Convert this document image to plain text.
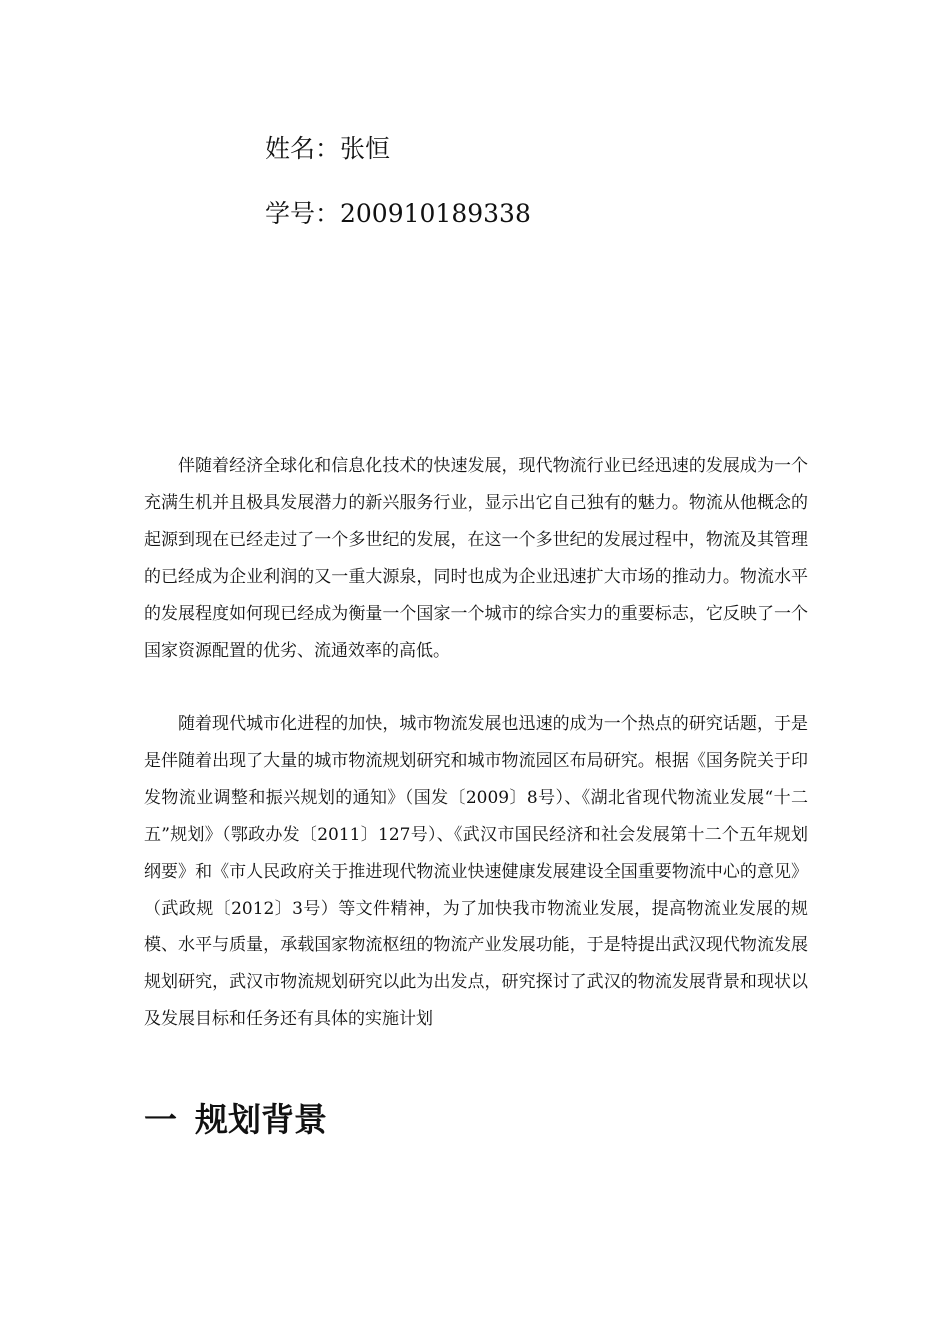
姓名：张恒
学号：200910189338

伴随着经济全球化和信息化技术的快速发展，现代物流行业已经迅速的发展成为一个充满生机并且极具发展潜力的新兴服务行业，显示出它自己独有的魅力。物流从他概念的起源到现在已经走过了一个多世纪的发展，在这一个多世纪的发展过程中，物流及其管理的已经成为企业利润的又一重大源泉，同时也成为企业迅速扩大市场的推动力。物流水平的发展程度如何现已经成为衡量一个国家一个城市的综合实力的重要标志，它反映了一个国家资源配置的优劣、流通效率的高低。

随着现代城市化进程的加快，城市物流发展也迅速的成为一个热点的研究话题，于是是伴随着出现了大量的城市物流规划研究和城市物流园区布局研究。根据《国务院关于印发物流业调整和振兴规划的通知》（国发〔2009〕8号）、《湖北省现代物流业发展“十二五”规划》（鄂政办发〔2011〕127号）、《武汉市国民经济和社会发展第十二个五年规划纲要》和《市人民政府关于推进现代物流业快速健康发展建设全国重要物流中心的意见》（武政规〔2012〕3号）等文件精神，为了加快我市物流业发展，提高物流业发展的规模、水平与质量，承载国家物流枢纽的物流产业发展功能，于是特提出武汉现代物流发展规划研究，武汉市物流规划研究以此为出发点，研究探讨了武汉的物流发展背景和现状以及发展目标和任务还有具体的实施计划

一 规划背景
